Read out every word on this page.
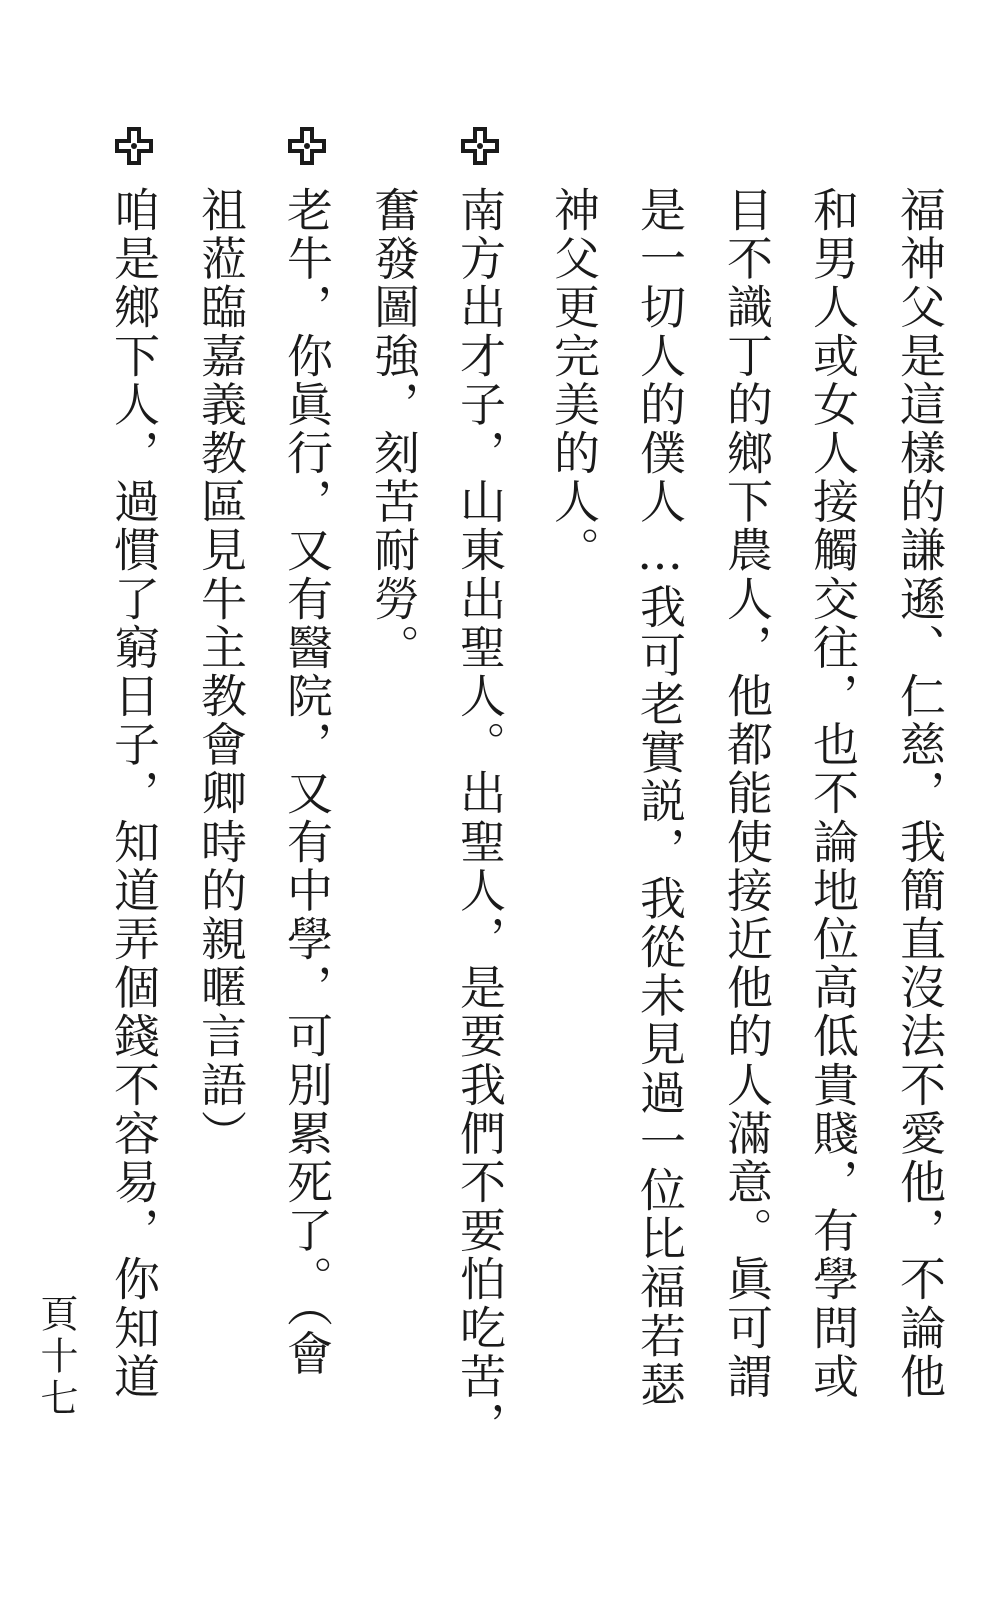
福神父是這樣的謙遜、仁慈，我簡直沒法不愛他，不論他
和男人或女人接觸交往，也不論地位高低貴賤，有學問或
目不識丁的鄉下農人，他都能使接近他的人滿意。眞可謂
是一切人的僕人…我可老實説，我從未見過一位比福若瑟
神父更完美的人。
南方出才子，山東出聖人。出聖人，是要我們不要怕吃苦，
奮發圖強，刻苦耐勞。
老牛，你眞行，又有醫院，又有中學，可別累死了。（會
祖蒞臨嘉義教區見牛主教會卿時的親暱言語）
咱是鄉下人，過慣了窮日子，知道弄個錢不容易，你知道
頁十七
